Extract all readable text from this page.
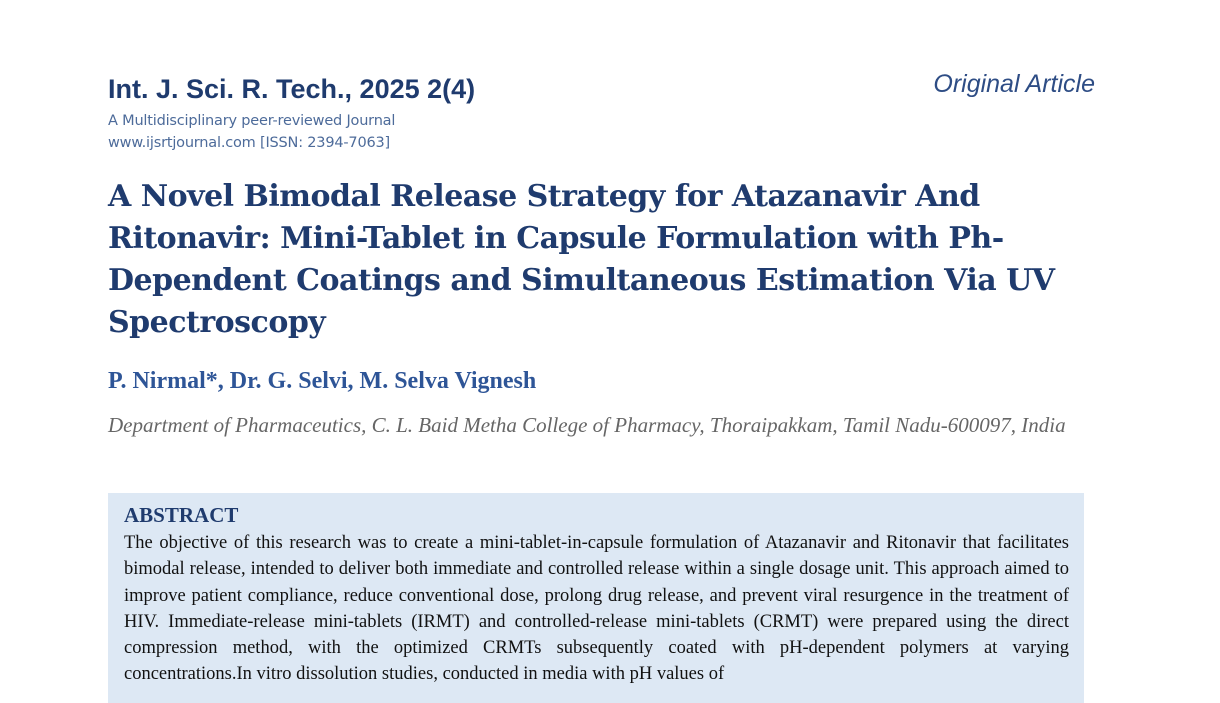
Int. J. Sci. R. Tech., 2025 2(4)
A Multidisciplinary peer-reviewed Journal
www.ijsrtjournal.com [ISSN: 2394-7063]
Original Article
A Novel Bimodal Release Strategy for Atazanavir And Ritonavir: Mini-Tablet in Capsule Formulation with Ph-Dependent Coatings and Simultaneous Estimation Via UV Spectroscopy
P. Nirmal*, Dr. G. Selvi, M. Selva Vignesh
Department of Pharmaceutics, C. L. Baid Metha College of Pharmacy, Thoraipakkam, Tamil Nadu-600097, India
ABSTRACT

The objective of this research was to create a mini-tablet-in-capsule formulation of Atazanavir and Ritonavir that facilitates bimodal release, intended to deliver both immediate and controlled release within a single dosage unit. This approach aimed to improve patient compliance, reduce conventional dose, prolong drug release, and prevent viral resurgence in the treatment of HIV. Immediate-release mini-tablets (IRMT) and controlled-release mini-tablets (CRMT) were prepared using the direct compression method, with the optimized CRMTs subsequently coated with pH-dependent polymers at varying concentrations.In vitro dissolution studies, conducted in media with pH values of
